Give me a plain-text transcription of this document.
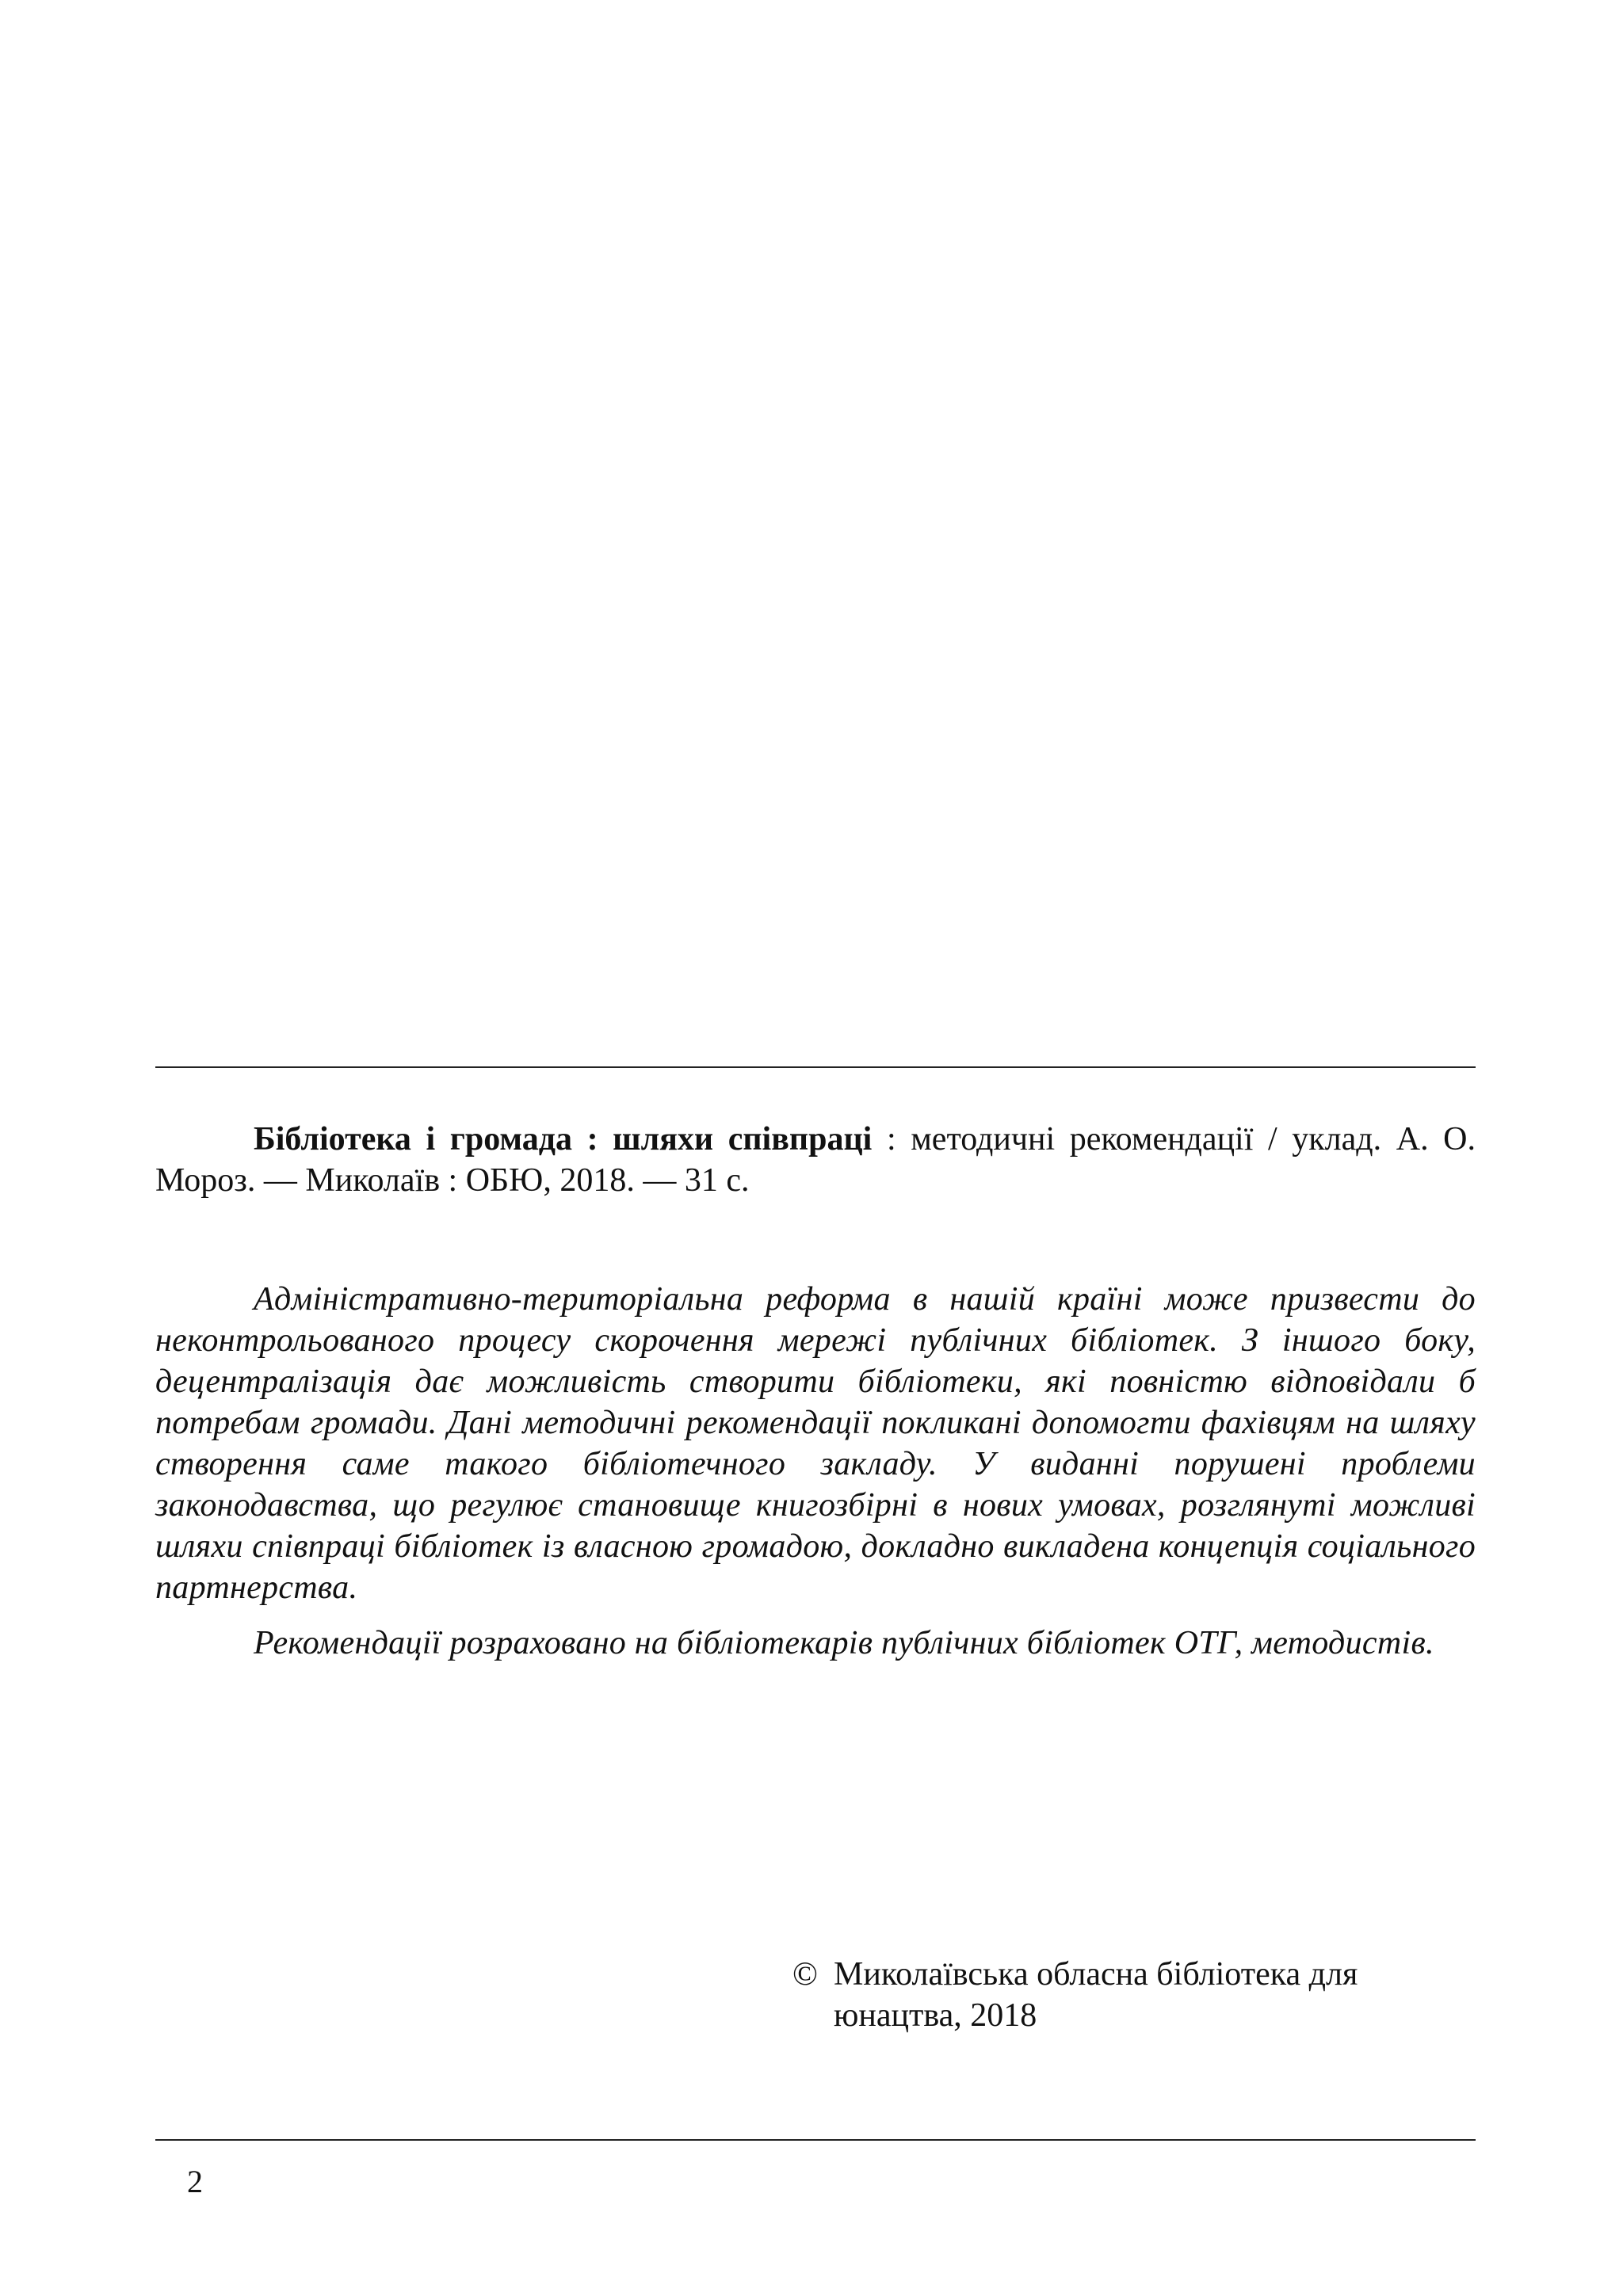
Бібліотека і громада : шляхи співпраці : методичні рекомендації / уклад. А. О. Мороз. — Миколаїв : ОБЮ, 2018. — 31 с.

Адміністративно-територіальна реформа в нашій країні може призвести до неконтрольованого процесу скорочення мережі публічних бібліотек. З іншого боку, децентралізація дає можливість створити бібліотеки, які повністю відповідали б потребам громади. Дані методичні рекомендації покликані допомогти фахівцям на шляху створення саме такого бібліотечного закладу. У виданні порушені проблеми законодавства, що регулює становище книгозбірні в нових умовах, розглянуті можливі шляхи співпраці бібліотек із власною громадою, докладно викладена концепція соціального партнерства.

Рекомендації розраховано на бібліотекарів публічних бібліотек ОТГ, методистів.

© Миколаївська обласна бібліотека для
юнацтва, 2018
2
